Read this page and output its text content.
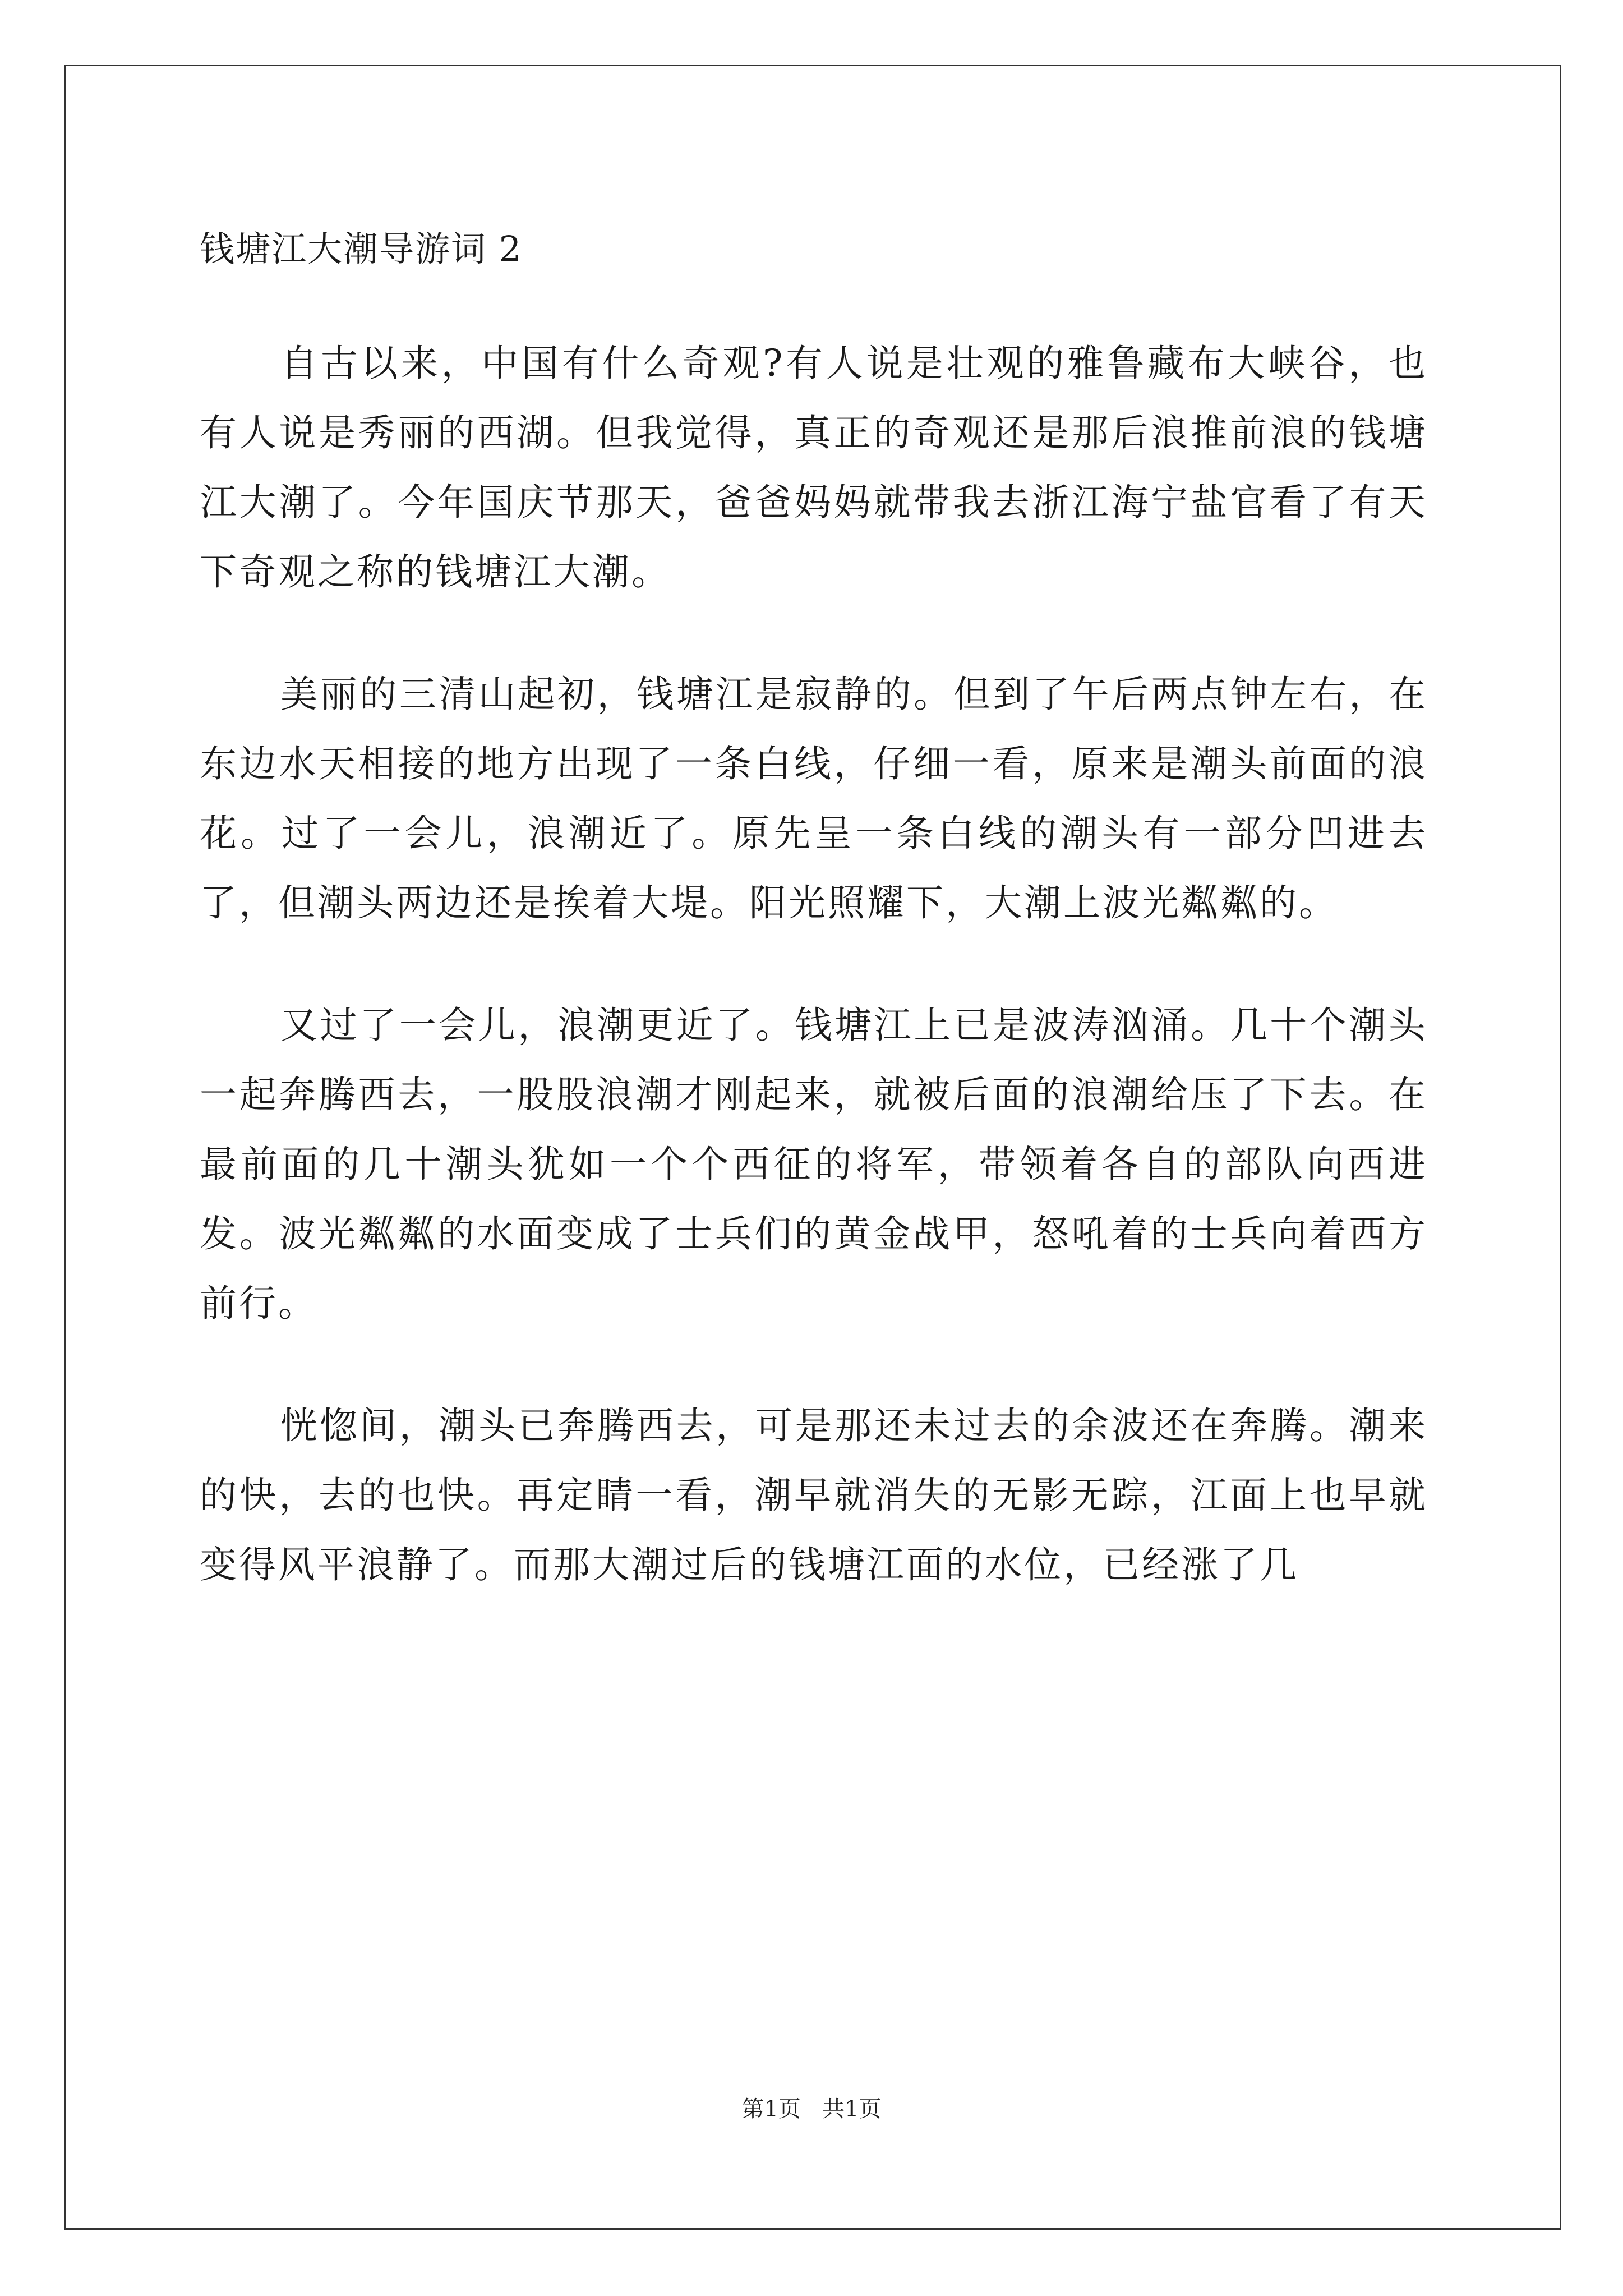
钱塘江大潮导游词 2

自古以来，中国有什么奇观?有人说是壮观的雅鲁藏布大峡谷，也有人说是秀丽的西湖。但我觉得，真正的奇观还是那后浪推前浪的钱塘江大潮了。今年国庆节那天，爸爸妈妈就带我去浙江海宁盐官看了有天下奇观之称的钱塘江大潮。

美丽的三清山起初，钱塘江是寂静的。但到了午后两点钟左右，在东边水天相接的地方出现了一条白线，仔细一看，原来是潮头前面的浪花。过了一会儿，浪潮近了。原先呈一条白线的潮头有一部分凹进去了，但潮头两边还是挨着大堤。阳光照耀下，大潮上波光粼粼的。

又过了一会儿，浪潮更近了。钱塘江上已是波涛汹涌。几十个潮头一起奔腾西去，一股股浪潮才刚起来，就被后面的浪潮给压了下去。在最前面的几十潮头犹如一个个西征的将军，带领着各自的部队向西进发。波光粼粼的水面变成了士兵们的黄金战甲，怒吼着的士兵向着西方前行。

恍惚间，潮头已奔腾西去，可是那还未过去的余波还在奔腾。潮来的快，去的也快。再定睛一看，潮早就消失的无影无踪，江面上也早就变得风平浪静了。而那大潮过后的钱塘江面的水位，已经涨了几

第1页   共1页
